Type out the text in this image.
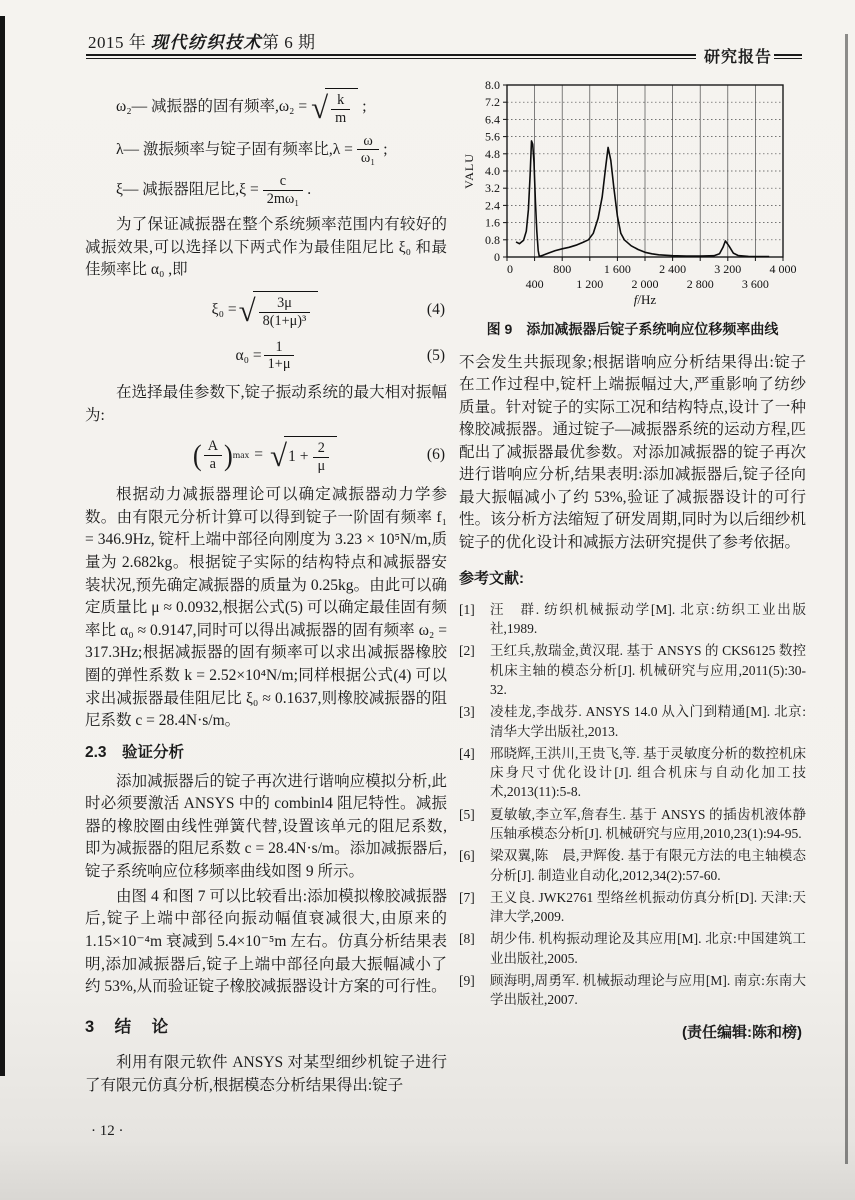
2015 年 现代纺织技术第 6 期
研究报告
ω₂— 减振器的固有频率,ω₂ = √ $\frac{k}{m}$ ;
λ— 激振频率与锭子固有频率比$,\lambda = \frac{\omega}{\text{ω₁}}$ ;
ξ— 减振器阻尼比$,\xi = \frac{c}{\text{2mω₁}}$ .

为了保证减振器在整个系统频率范围内有较好的减振效果,可以选择以下两式作为最佳阻尼比 ξ₀ 和最佳频率比 α₀ ,即

ξ₀ = √ $\frac{3\mu}{\text{8(1+μ)³}}$	(4)
$\alpha_0 = \frac{1}{1+\mu}$	(5)

在选择最佳参数下,锭子振动系统的最大相对振幅为:

( $\frac{A}{a}$ ) max = √ $1 + \frac{2}{\mu}$	(6)

根据动力减振器理论可以确定减振器动力学参数。由有限元分析计算可以得到锭子一阶固有频率 f₁ = 346.9Hz, 锭杆上端中部径向刚度为 3.23 × 10⁵N/m,质量为 2.682kg。根据锭子实际的结构特点和减振器安装状况,预先确定减振器的质量为 0.25kg。由此可以确定质量比 μ ≈ 0.0932,根据公式(5) 可以确定最佳固有频率比 α₀ ≈ 0.9147,同时可以得出减振器的固有频率 ω₂ = 317.3Hz;根据减振器的固有频率可以求出减振器橡胶圈的弹性系数 k = 2.52×10⁴N/m;同样根据公式(4) 可以求出减振器最佳阻尼比 ξ₀ ≈ 0.1637,则橡胶减振器的阻尼系数 c = 28.4N·s/m。

2.3　验证分析

添加减振器后的锭子再次进行谐响应模拟分析,此时必须要激活 ANSYS 中的 combinl4 阻尼特性。减振器的橡胶圈由线性弹簧代替,设置该单元的阻尼系数,即为减振器的阻尼系数 c = 28.4N·s/m。添加减振器后,锭子系统响应位移频率曲线如图 9 所示。

由图 4 和图 7 可以比较看出:添加模拟橡胶减振器后,锭子上端中部径向振动幅值衰减很大,由原来的 1.15×10⁻⁴m 衰减到 5.4×10⁻⁵m 左右。仿真分析结果表明,添加减振器后,锭子上端中部径向最大振幅减小了约 53%,从而验证锭子橡胶减振器设计方案的可行性。

3　结　论

利用有限元软件 ANSYS 对某型细纱机锭子进行了有限元仿真分析,根据模态分析结果得出:锭子

· 12 ·
0
0.8
1.6
2.4
3.2
4.0
4.8
5.6
6.4
7.2
8.0
0	800	1 600 2 400 3 200 4 000
400	1 200 2 000 2 800 3 600
VALU
f/Hz
图 9　添加减振器后锭子系统响应位移频率曲线

不会发生共振现象;根据谐响应分析结果得出:锭子在工作过程中,锭杆上端振幅过大,严重影响了纺纱质量。针对锭子的实际工况和结构特点,设计了一种橡胶减振器。通过锭子—减振器系统的运动方程,匹配出了减振器最优参数。对添加减振器的锭子再次进行谐响应分析,结果表明:添加减振器后,锭子径向最大振幅减小了约 53%,验证了减振器设计的可行性。该分析方法缩短了研发周期,同时为以后细纱机锭子的优化设计和减振方法研究提供了参考依据。

参考文献:
[1]	汪　群. 纺织机械振动学[M]. 北京:纺织工业出版社,1989.
[2]	王红兵,敖瑞金,黄汉琨. 基于 ANSYS 的 CKS6125 数控机床主轴的模态分析[J]. 机械研究与应用,2011(5):30-32.
[3]	凌桂龙,李战芬. ANSYS 14.0 从入门到精通[M]. 北京:清华大学出版社,2013.
[4]	邢晓辉,王洪川,王贵飞,等. 基于灵敏度分析的数控机床床身尺寸优化设计[J]. 组合机床与自动化加工技术,2013(11):5-8.
[5]	夏敏敏,李立军,詹春生. 基于 ANSYS 的插齿机液体静压轴承模态分析[J]. 机械研究与应用,2010,23(1):94-95.
[6]	梁双翼,陈　晨,尹辉俊. 基于有限元方法的电主轴模态分析[J]. 制造业自动化,2012,34(2):57-60.
[7]	王义良. JWK2761 型络丝机振动仿真分析[D]. 天津:天津大学,2009.
[8]	胡少伟. 机构振动理论及其应用[M]. 北京:中国建筑工业出版社,2005.
[9]	顾海明,周勇军. 机械振动理论与应用[M]. 南京:东南大学出版社,2007.
(责任编辑:陈和榜)
